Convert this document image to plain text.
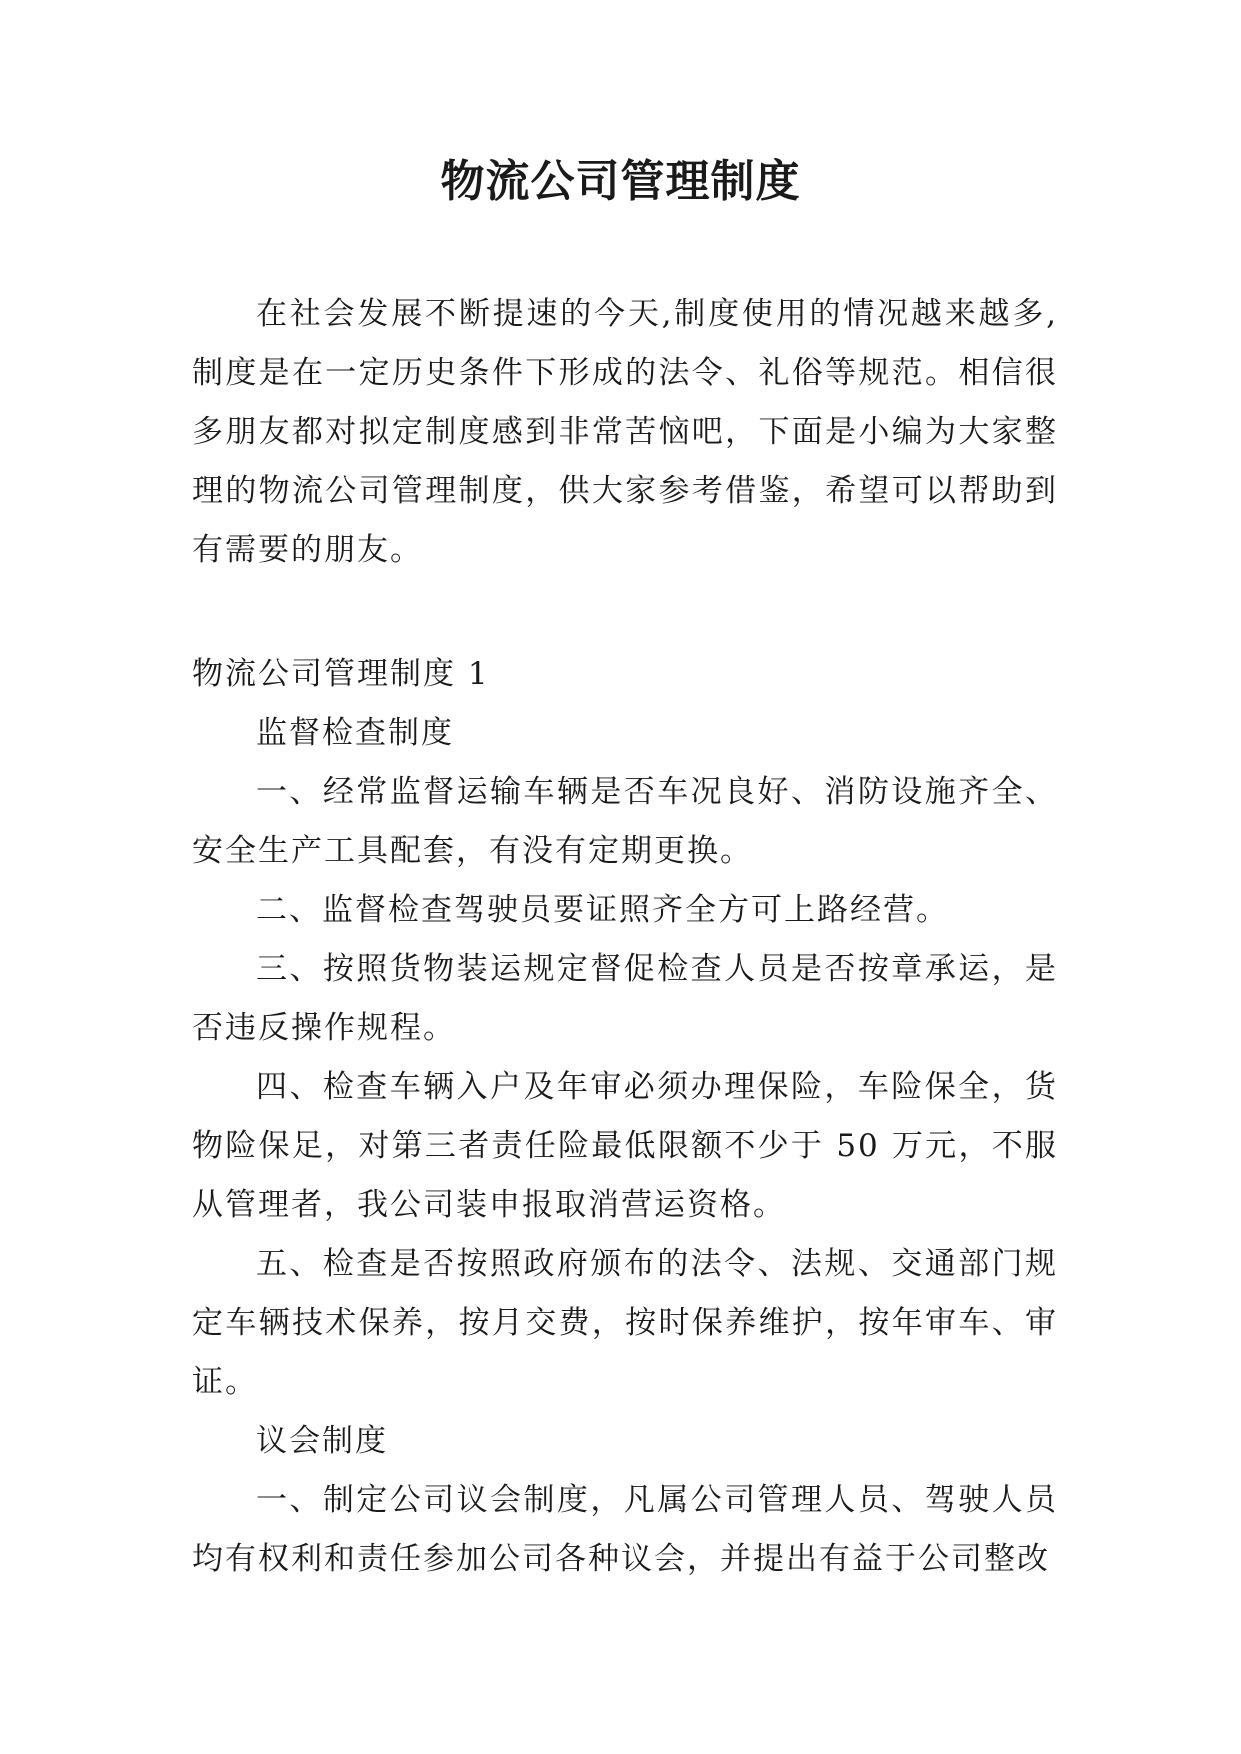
物流公司管理制度

在社会发展不断提速的今天,制度使用的情况越来越多,制度是在一定历史条件下形成的法令、礼俗等规范。相信很多朋友都对拟定制度感到非常苦恼吧，下面是小编为大家整理的物流公司管理制度，供大家参考借鉴，希望可以帮助到有需要的朋友。

物流公司管理制度 1

监督检查制度

一、经常监督运输车辆是否车况良好、消防设施齐全、安全生产工具配套，有没有定期更换。

二、监督检查驾驶员要证照齐全方可上路经营。

三、按照货物装运规定督促检查人员是否按章承运，是否违反操作规程。

四、检查车辆入户及年审必须办理保险，车险保全，货物险保足，对第三者责任险最低限额不少于 50 万元，不服从管理者，我公司装申报取消营运资格。

五、检查是否按照政府颁布的法令、法规、交通部门规定车辆技术保养，按月交费，按时保养维护，按年审车、审证。

议会制度

一、制定公司议会制度，凡属公司管理人员、驾驶人员均有权利和责任参加公司各种议会，并提出有益于公司整改
